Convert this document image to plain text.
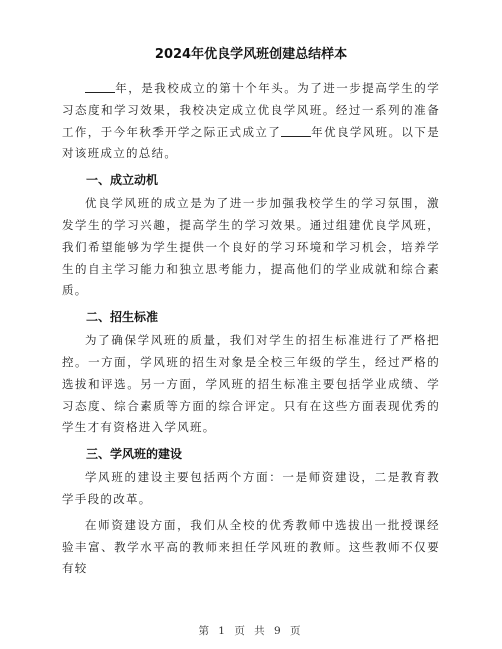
2024年优良学风班创建总结样本

年，是我校成立的第十个年头。为了进一步提高学生的学习态度和学习效果，我校决定成立优良学风班。经过一系列的准备工作，于今年秋季开学之际正式成立了	年优良学风班。以下是对该班成立的总结。

一、成立动机

优良学风班的成立是为了进一步加强我校学生的学习氛围，激发学生的学习兴趣，提高学生的学习效果。通过组建优良学风班，我们希望能够为学生提供一个良好的学习环境和学习机会，培养学生的自主学习能力和独立思考能力，提高他们的学业成就和综合素质。

二、招生标准

为了确保学风班的质量，我们对学生的招生标准进行了严格把控。一方面，学风班的招生对象是全校三年级的学生，经过严格的选拔和评选。另一方面，学风班的招生标准主要包括学业成绩、学习态度、综合素质等方面的综合评定。只有在这些方面表现优秀的学生才有资格进入学风班。

三、学风班的建设

学风班的建设主要包括两个方面：一是师资建设，二是教育教学手段的改革。

在师资建设方面，我们从全校的优秀教师中选拔出一批授课经验丰富、教学水平高的教师来担任学风班的教师。这些教师不仅要有较

第 1 页 共 9 页
